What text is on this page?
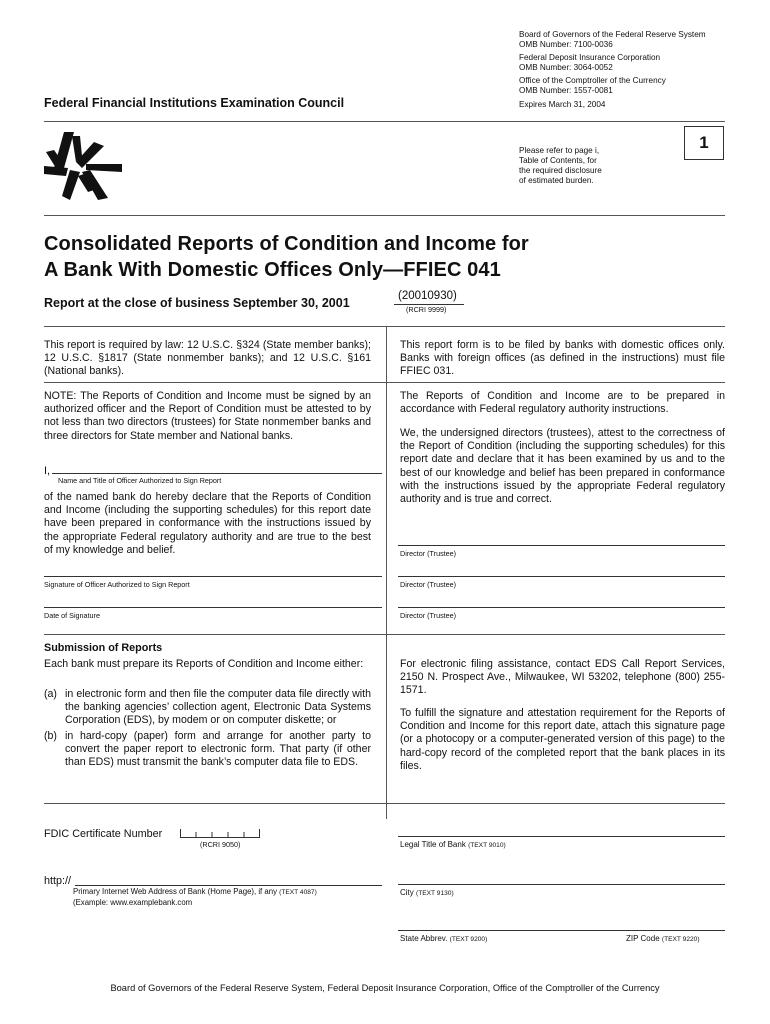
Board of Governors of the Federal Reserve System
OMB Number: 7100-0036
Federal Deposit Insurance Corporation
OMB Number: 3064-0052
Office of the Comptroller of the Currency
OMB Number: 1557-0081
Expires March 31, 2004
Federal Financial Institutions Examination Council
Please refer to page i,
Table of Contents, for
the required disclosure
of estimated burden.
1
Consolidated Reports of Condition and Income for
A Bank With Domestic Offices Only—FFIEC 041
Report at the close of business September 30, 2001	(20010930)
(RCRI 9999)
This report is required by law: 12 U.S.C. §324 (State member banks); 12 U.S.C. §1817 (State nonmember banks); and 12 U.S.C. §161 (National banks).
This report form is to be filed by banks with domestic offices only. Banks with foreign offices (as defined in the instructions) must file FFIEC 031.
NOTE: The Reports of Condition and Income must be signed by an authorized officer and the Report of Condition must be attested to by not less than two directors (trustees) for State nonmember banks and three directors for State member and National banks.
I,
Name and Title of Officer Authorized to Sign Report
of the named bank do hereby declare that the Reports of Condition and Income (including the supporting schedules) for this report date have been prepared in conformance with the instructions issued by the appropriate Federal regulatory authority and are true to the best of my knowledge and belief.
Signature of Officer Authorized to Sign Report
Date of Signature
The Reports of Condition and Income are to be prepared in accordance with Federal regulatory authority instructions.
We, the undersigned directors (trustees), attest to the correctness of the Report of Condition (including the supporting schedules) for this report date and declare that it has been examined by us and to the best of our knowledge and belief has been prepared in conformance with the instructions issued by the appropriate Federal regulatory authority and is true and correct.
Director (Trustee)
Director (Trustee)
Director (Trustee)
Submission of Reports
Each bank must prepare its Reports of Condition and Income either:
(a) in electronic form and then file the computer data file directly with the banking agencies’ collection agent, Electronic Data Systems Corporation (EDS), by modem or on computer diskette; or
(b) in hard-copy (paper) form and arrange for another party to convert the paper report to electronic form. That party (if other than EDS) must transmit the bank’s computer data file to EDS.
For electronic filing assistance, contact EDS Call Report Services, 2150 N. Prospect Ave., Milwaukee, WI 53202, telephone (800) 255-1571.
To fulfill the signature and attestation requirement for the Reports of Condition and Income for this report date, attach this signature page (or a photocopy or a computer-generated version of this page) to the hard-copy record of the completed report that the bank places in its files.
FDIC Certificate Number
(RCRI 9050)	Legal Title of Bank (TEXT 9010)
http://
Primary Internet Web Address of Bank (Home Page), if any (TEXT 4087)
(Example: www.examplebank.com
City (TEXT 9130)
State Abbrev. (TEXT 9200)	ZIP Code (TEXT 9220)
Board of Governors of the Federal Reserve System, Federal Deposit Insurance Corporation, Office of the Comptroller of the Currency
